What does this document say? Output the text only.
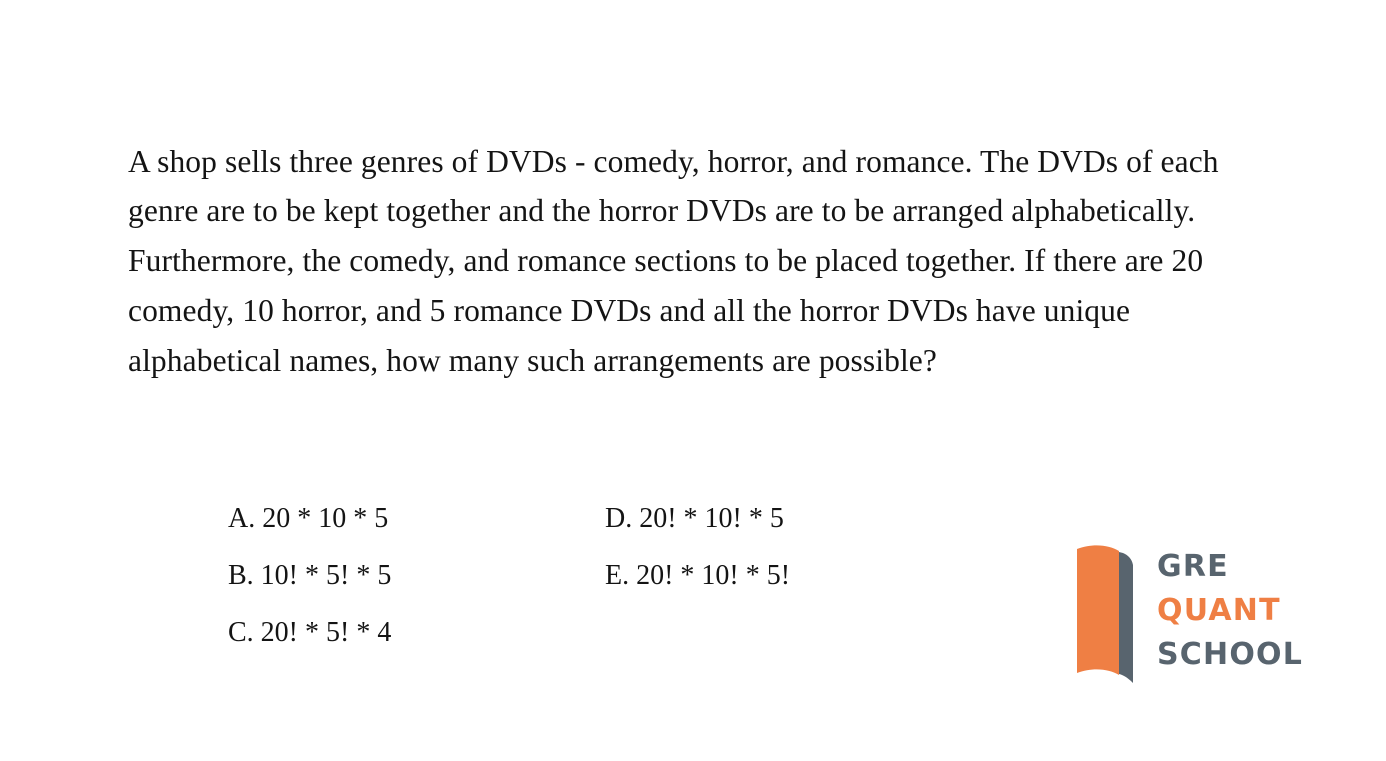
A shop sells three genres of DVDs - comedy, horror, and romance. The DVDs of each genre are to be kept together and the horror DVDs are to be arranged alphabetically. Furthermore, the comedy, and romance sections to be placed together. If there are 20 comedy, 10 horror, and 5 romance DVDs and all the horror DVDs have unique alphabetical names, how many such arrangements are possible?

A. 20 * 10 * 5
B. 10! * 5! * 5
C. 20! * 5! * 4
D. 20! * 10! * 5
E. 20! * 10! * 5!	GRE
QUANT
SCHOOL
